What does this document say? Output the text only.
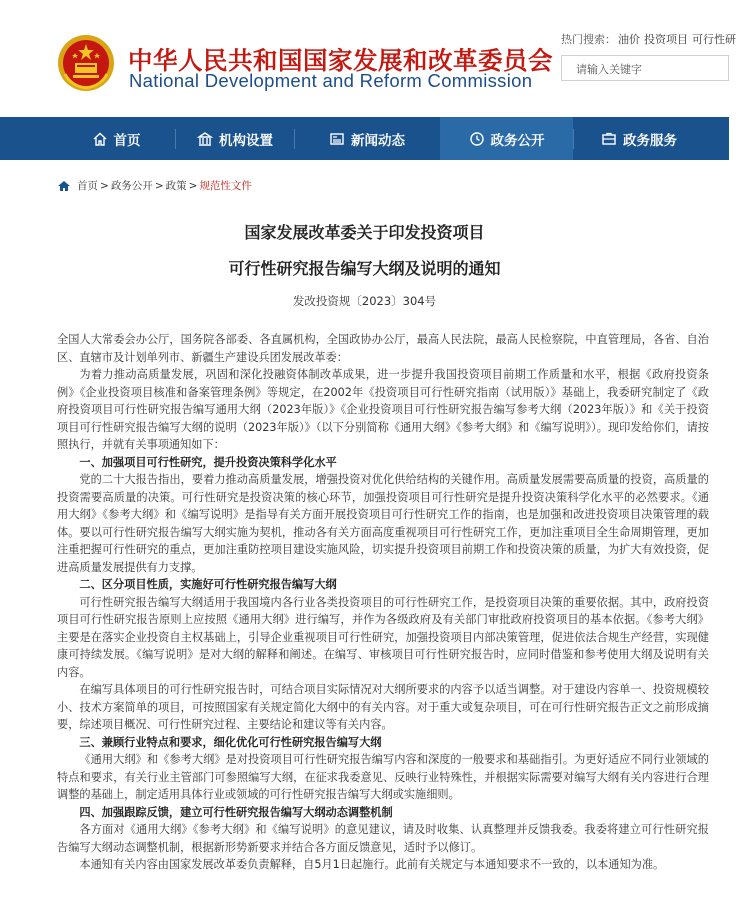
中华人民共和国国家发展和改革委员会
National Development and Reform Commission
热门搜索： 油价 投资项目 可行性研
请输入关键字
首页	机构设置	新闻动态	政务公开	政务服务
首页 > 政务公开 > 政策 > 规范性文件
国家发展改革委关于印发投资项目
可行性研究报告编写大纲及说明的通知
发改投资规〔2023〕304号

全国人大常委会办公厅，国务院各部委、各直属机构，全国政协办公厅，最高人民法院，最高人民检察院，中直管理局，各省、自治区、直辖市及计划单列市、新疆生产建设兵团发展改革委：

为着力推动高质量发展，巩固和深化投融资体制改革成果，进一步提升我国投资项目前期工作质量和水平，根据《政府投资条例》《企业投资项目核准和备案管理条例》等规定，在2002年《投资项目可行性研究指南（试用版）》基础上，我委研究制定了《政府投资项目可行性研究报告编写通用大纲（2023年版）》《企业投资项目可行性研究报告编写参考大纲（2023年版）》和《关于投资项目可行性研究报告编写大纲的说明（2023年版）》（以下分别简称《通用大纲》《参考大纲》和《编写说明》）。现印发给你们，请按照执行，并就有关事项通知如下：

一、加强项目可行性研究，提升投资决策科学化水平

党的二十大报告指出，要着力推动高质量发展，增强投资对优化供给结构的关键作用。高质量发展需要高质量的投资，高质量的投资需要高质量的决策。可行性研究是投资决策的核心环节，加强投资项目可行性研究是提升投资决策科学化水平的必然要求。《通用大纲》《参考大纲》和《编写说明》是指导有关方面开展投资项目可行性研究工作的指南，也是加强和改进投资项目决策管理的载体。要以可行性研究报告编写大纲实施为契机，推动各有关方面高度重视项目可行性研究工作，更加注重项目全生命周期管理，更加注重把握可行性研究的重点，更加注重防控项目建设实施风险，切实提升投资项目前期工作和投资决策的质量，为扩大有效投资，促进高质量发展提供有力支撑。

二、区分项目性质，实施好可行性研究报告编写大纲

可行性研究报告编写大纲适用于我国境内各行业各类投资项目的可行性研究工作，是投资项目决策的重要依据。其中，政府投资项目可行性研究报告原则上应按照《通用大纲》进行编写，并作为各级政府及有关部门审批政府投资项目的基本依据。《参考大纲》主要是在落实企业投资自主权基础上，引导企业重视项目可行性研究，加强投资项目内部决策管理，促进依法合规生产经营，实现健康可持续发展。《编写说明》是对大纲的解释和阐述。在编写、审核项目可行性研究报告时，应同时借鉴和参考使用大纲及说明有关内容。

在编写具体项目的可行性研究报告时，可结合项目实际情况对大纲所要求的内容予以适当调整。对于建设内容单一、投资规模较小、技术方案简单的项目，可按照国家有关规定简化大纲中的有关内容。对于重大或复杂项目，可在可行性研究报告正文之前形成摘要，综述项目概况、可行性研究过程、主要结论和建议等有关内容。

三、兼顾行业特点和要求，细化优化可行性研究报告编写大纲

《通用大纲》和《参考大纲》是对投资项目可行性研究报告编写内容和深度的一般要求和基础指引。为更好适应不同行业领域的特点和要求，有关行业主管部门可参照编写大纲，在征求我委意见、反映行业特殊性，并根据实际需要对编写大纲有关内容进行合理调整的基础上，制定适用具体行业或领域的可行性研究报告编写大纲或实施细则。

四、加强跟踪反馈，建立可行性研究报告编写大纲动态调整机制

各方面对《通用大纲》《参考大纲》和《编写说明》的意见建议，请及时收集、认真整理并反馈我委。我委将建立可行性研究报告编写大纲动态调整机制，根据新形势新要求并结合各方面反馈意见，适时予以修订。

本通知有关内容由国家发展改革委负责解释，自5月1日起施行。此前有关规定与本通知要求不一致的，以本通知为准。
